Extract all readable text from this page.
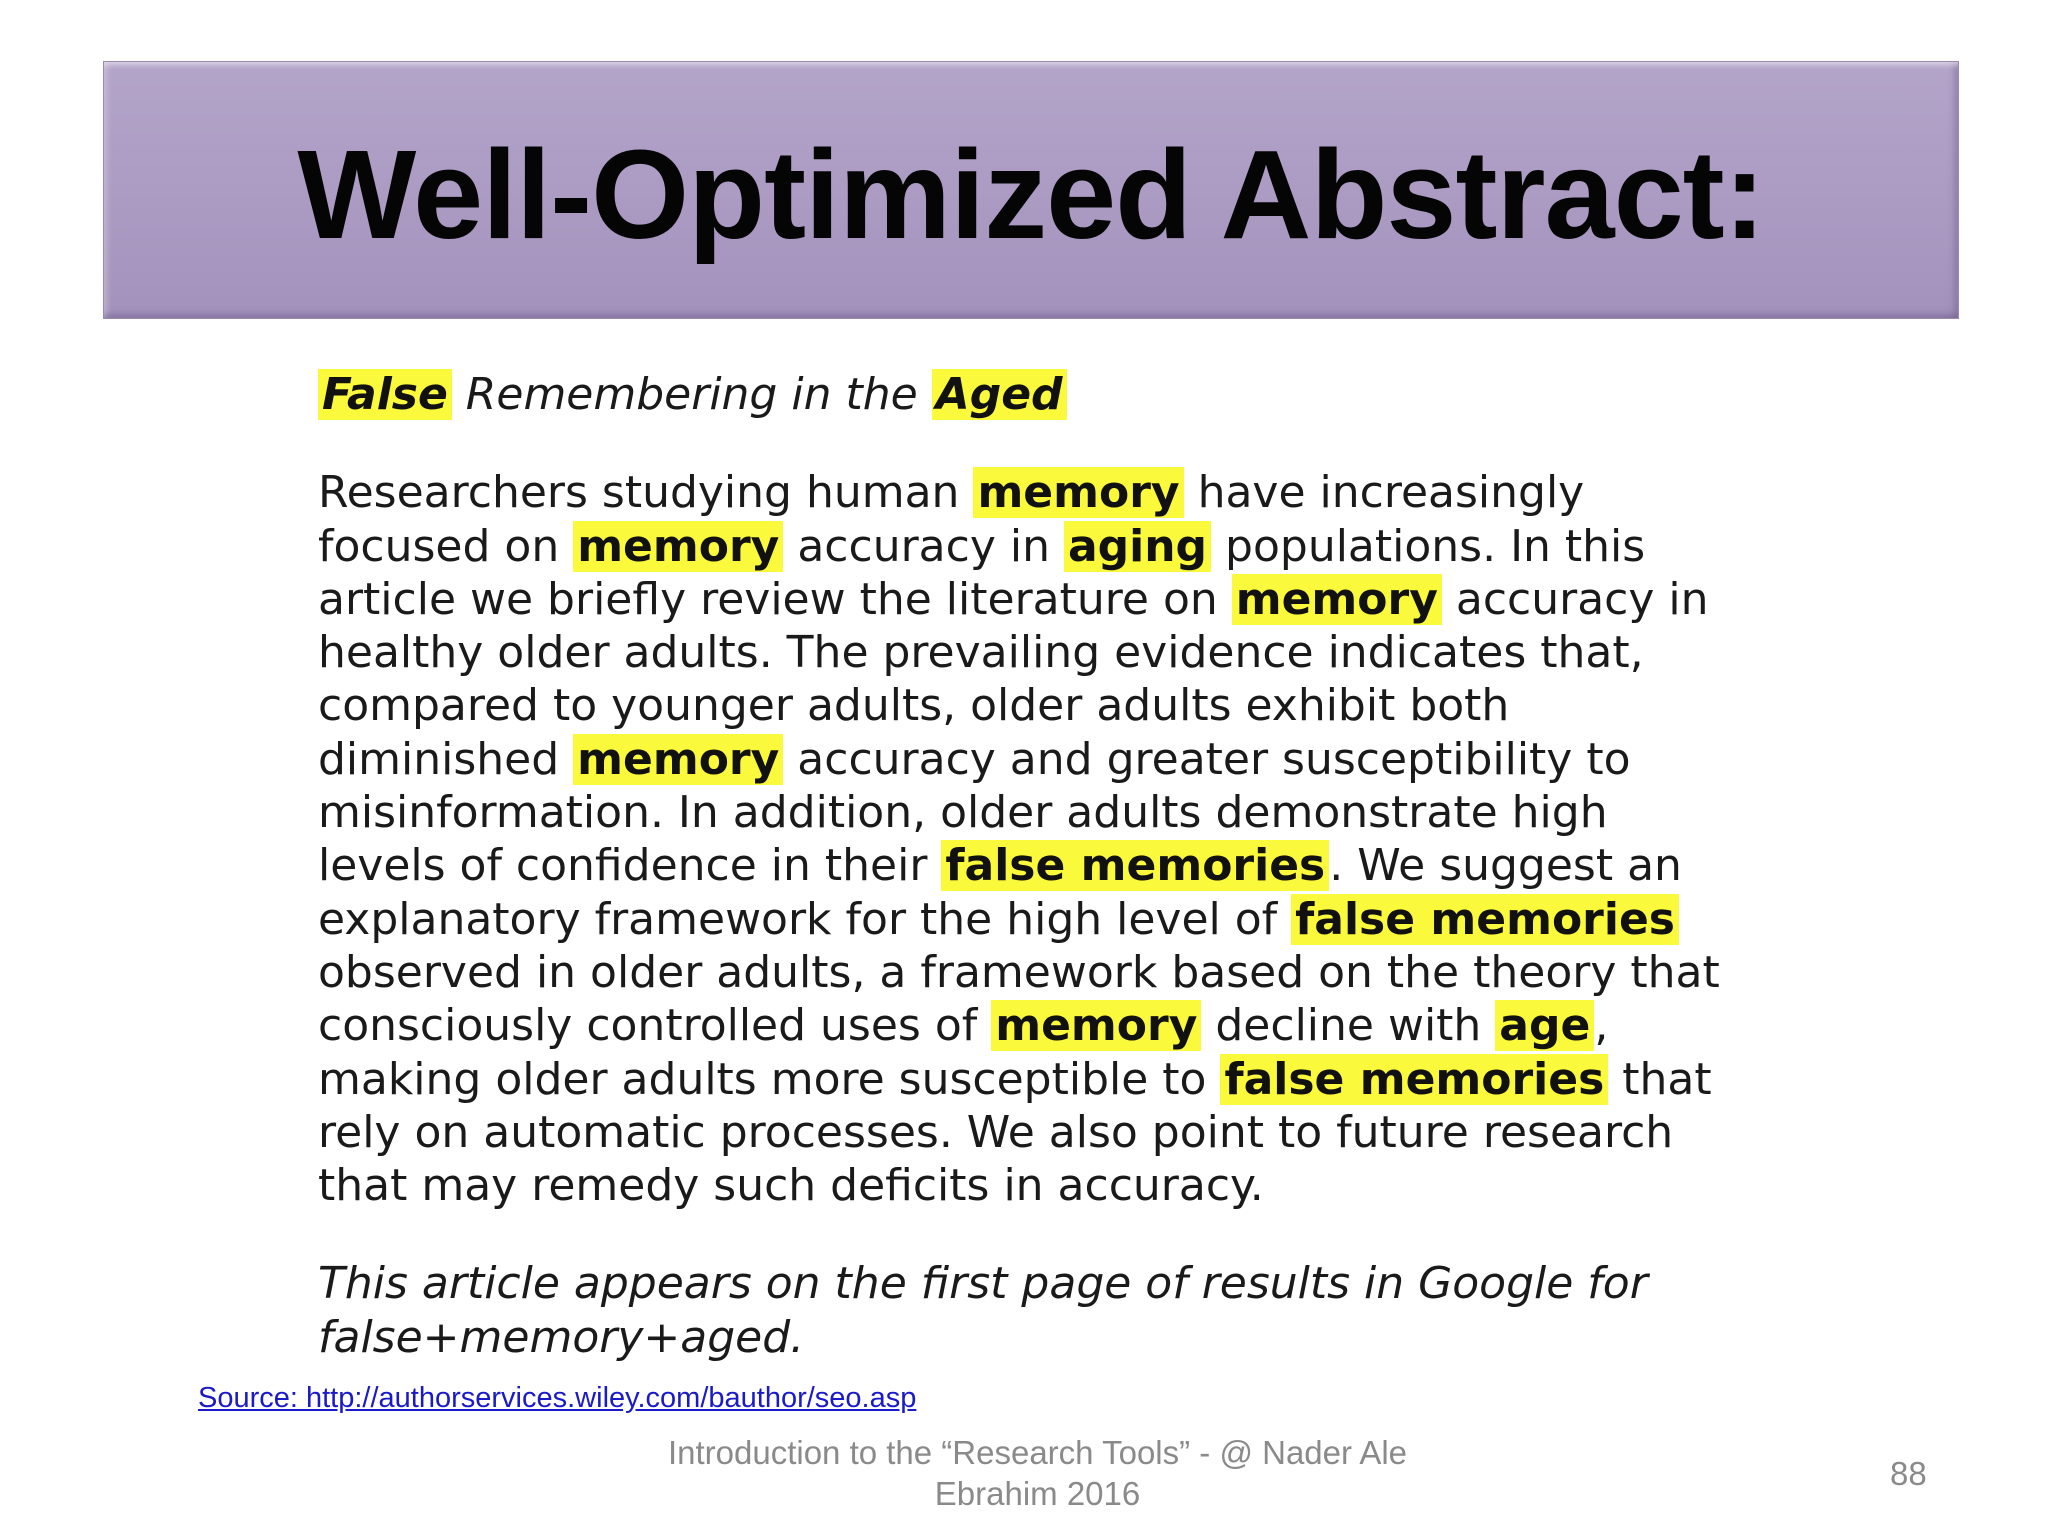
Well-Optimized Abstract:

False Remembering in the Aged

Researchers studying human memory have increasingly
focused on memory accuracy in aging populations. In this
article we briefly review the literature on memory accuracy in
healthy older adults. The prevailing evidence indicates that,
compared to younger adults, older adults exhibit both
diminished memory accuracy and greater susceptibility to
misinformation. In addition, older adults demonstrate high
levels of confidence in their false memories. We suggest an
explanatory framework for the high level of false memories
observed in older adults, a framework based on the theory that
consciously controlled uses of memory decline with age,
making older adults more susceptible to false memories that
rely on automatic processes. We also point to future research
that may remedy such deficits in accuracy.

This article appears on the first page of results in Google for
false+memory+aged.

Source: http://authorservices.wiley.com/bauthor/seo.asp
Introduction to the “Research Tools” - @ Nader Ale
Ebrahim 2016
88
